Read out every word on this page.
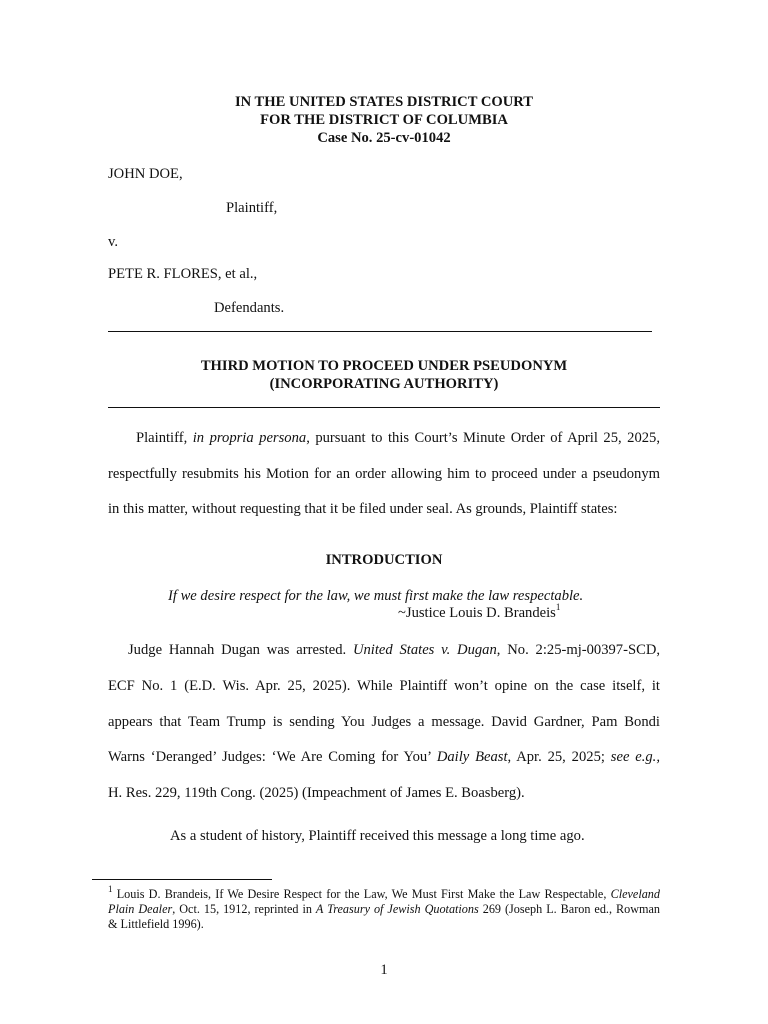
IN THE UNITED STATES DISTRICT COURT
FOR THE DISTRICT OF COLUMBIA
Case No. 25-cv-01042
JOHN DOE,
Plaintiff,
v.
PETE R. FLORES, et al.,
Defendants.
THIRD MOTION TO PROCEED UNDER PSEUDONYM
(INCORPORATING AUTHORITY)
Plaintiff, in propria persona, pursuant to this Court’s Minute Order of April 25, 2025,
respectfully resubmits his Motion for an order allowing him to proceed under a pseudonym
in this matter, without requesting that it be filed under seal. As grounds, Plaintiff states:
INTRODUCTION
If we desire respect for the law, we must first make the law respectable.
~Justice Louis D. Brandeis$^1$
Judge Hannah Dugan was arrested. United States v. Dugan, No. 2:25-mj-00397-SCD,
ECF No. 1 (E.D. Wis. Apr. 25, 2025). While Plaintiff won’t opine on the case itself, it
appears that Team Trump is sending You Judges a message. David Gardner, Pam Bondi
Warns ‘Deranged’ Judges: ‘We Are Coming for You’ Daily Beast, Apr. 25, 2025; see e.g.,
H. Res. 229, 119th Cong. (2025) (Impeachment of James E. Boasberg).
As a student of history, Plaintiff received this message a long time ago.
$^1$ Louis D. Brandeis, If We Desire Respect for the Law, We Must First Make the Law Respectable, Cleveland
Plain Dealer, Oct. 15, 1912, reprinted in A Treasury of Jewish Quotations 269 (Joseph L. Baron ed., Rowman
& Littlefield 1996).
1
